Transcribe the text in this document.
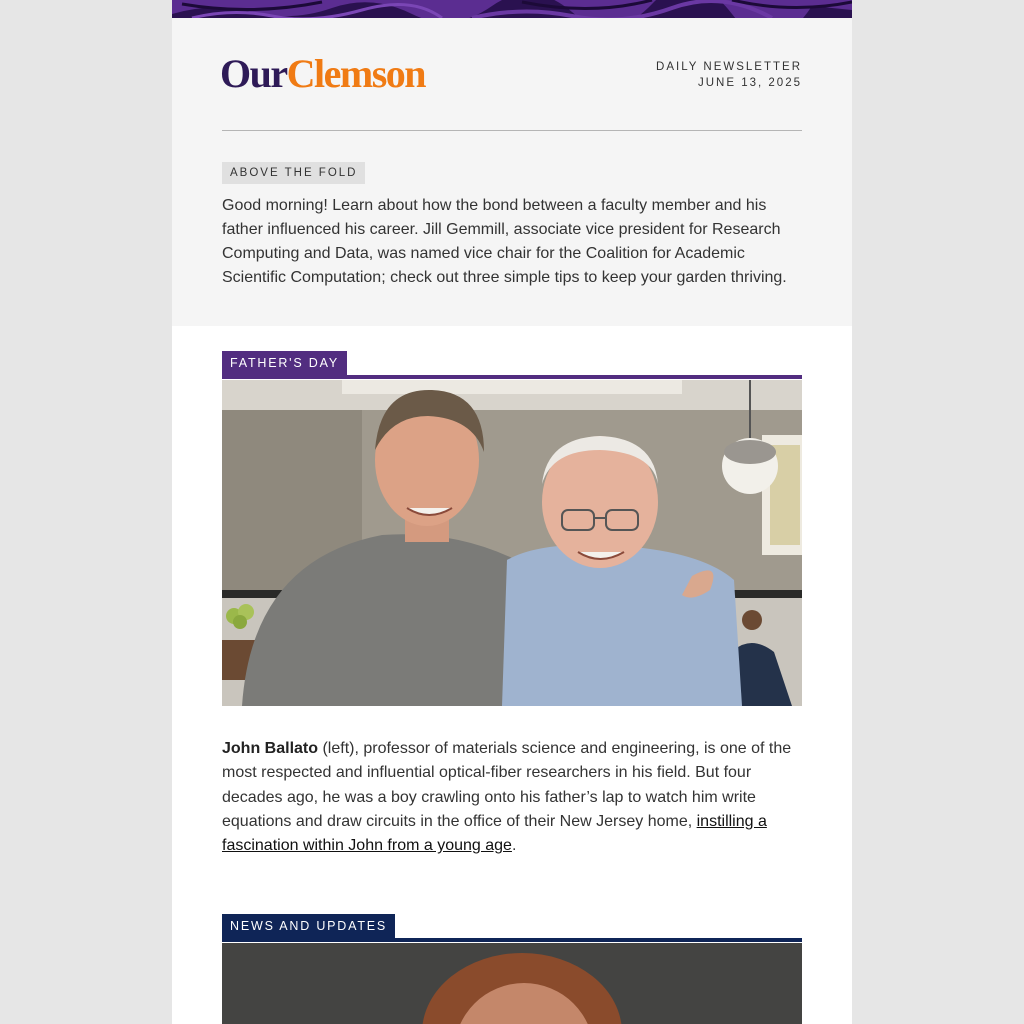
OurClemson	DAILY NEWSLETTER
JUNE 13, 2025
ABOVE THE FOLD

Good morning! Learn about how the bond between a faculty member and his father influenced his career. Jill Gemmill, associate vice president for Research Computing and Data, was named vice chair for the Coalition for Academic Scientific Computation; check out three simple tips to keep your garden thriving.

FATHER'S DAY

John Ballato (left), professor of materials science and engineering, is one of the most respected and influential optical-fiber researchers in his field. But four decades ago, he was a boy crawling onto his father’s lap to watch him write equations and draw circuits in the office of their New Jersey home, instilling a fascination within John from a young age.

NEWS AND UPDATES
